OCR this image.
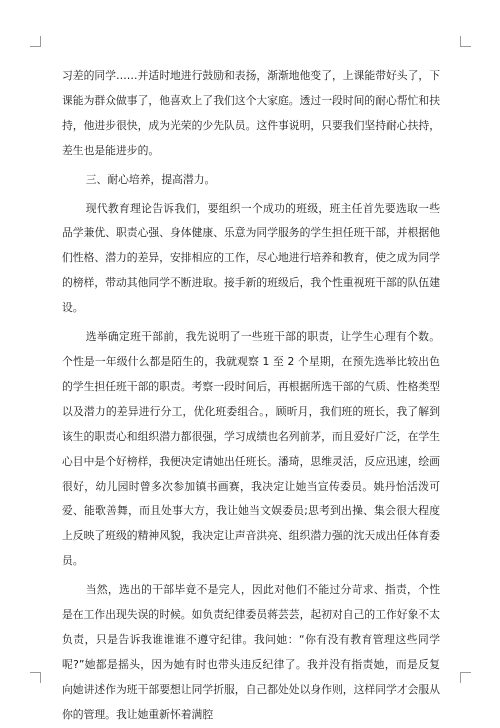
习差的同学……并适时地进行鼓励和表扬，渐渐地他变了，上课能带好头了，下课能为群众做事了，他喜欢上了我们这个大家庭。透过一段时间的耐心帮忙和扶持，他进步很快，成为光荣的少先队员。这件事说明，只要我们坚持耐心扶持，差生也是能进步的。

三、耐心培养，提高潜力。

现代教育理论告诉我们，要组织一个成功的班级，班主任首先要选取一些品学兼优、职责心强、身体健康、乐意为同学服务的学生担任班干部，并根据他们性格、潜力的差异，安排相应的工作，尽心地进行培养和教育，使之成为同学的榜样，带动其他同学不断进取。接手新的班级后，我个性重视班干部的队伍建设。

选举确定班干部前，我先说明了一些班干部的职责，让学生心理有个数。个性是一年级什么都是陌生的，我就观察 1 至 2 个星期，在预先选举比较出色的学生担任班干部的职责。考察一段时间后，再根据所选干部的气质、性格类型以及潜力的差异进行分工，优化班委组合。，顾昕月，我们班的班长，我了解到该生的职责心和组织潜力都很强，学习成绩也名列前茅，而且爱好广泛，在学生心目中是个好榜样，我便决定请她出任班长。潘琦，思维灵活，反应迅速，绘画很好，幼儿园时曾多次参加镇书画赛，我决定让她当宣传委员。姚丹怡活泼可爱、能歌善舞，而且处事大方，我让她当文娱委员;思考到出操、集会很大程度上反映了班级的精神风貌，我决定让声音洪亮、组织潜力强的沈天成出任体育委员。

当然，选出的干部毕竟不是完人，因此对他们不能过分苛求、指责，个性是在工作出现失误的时候。如负责纪律委员蒋芸芸，起初对自己的工作好象不太负责，只是告诉我谁谁谁不遵守纪律。我问她：“你有没有教育管理这些同学呢?”她都是摇头，因为她有时也带头违反纪律了。我并没有指责她，而是反复向她讲述作为班干部要想让同学折服，自己都处处以身作则，这样同学才会服从你的管理。我让她重新怀着满腔
